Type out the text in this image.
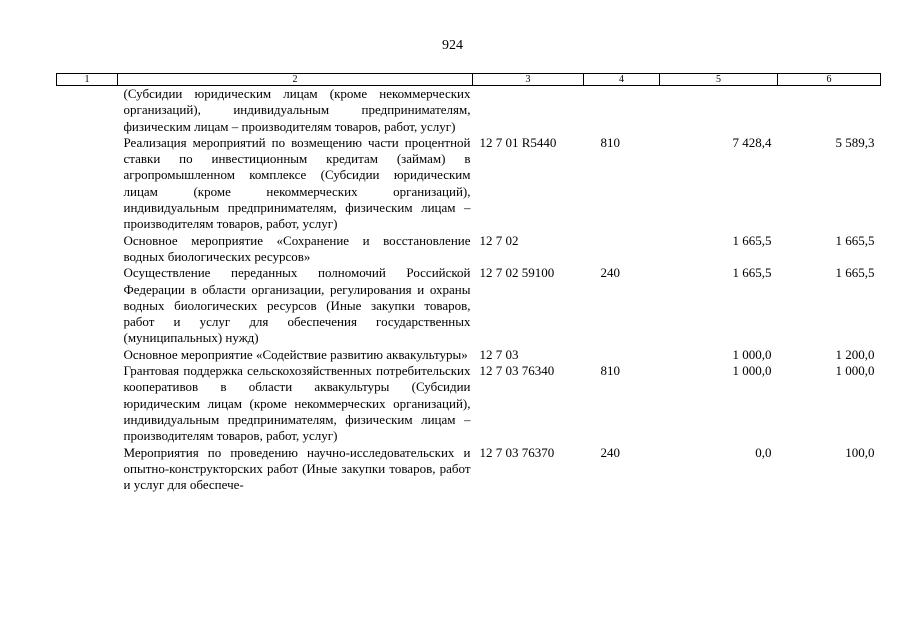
924
1	2	3	4	5	6
	(Субсидии юридическим лицам (кроме некоммерческих организаций), индивидуальным предпринимателям, физическим лицам – производителям товаров, работ, услуг)				
	Реализация мероприятий по возмещению части процентной ставки по инвестиционным кредитам (займам) в агропромышленном комплексе (Субсидии юридическим лицам (кроме некоммерческих организаций), индивидуальным предпринимателям, физическим лицам – производителям товаров, работ, услуг)	12 7 01 R5440	810	7 428,4	5 589,3
	Основное мероприятие «Сохранение и восстановление водных биологических ресурсов»	12 7 02		1 665,5	1 665,5
	Осуществление переданных полномочий Российской Федерации в области организации, регулирования и охраны водных биологических ресурсов (Иные закупки товаров, работ и услуг для обеспечения государственных (муниципальных) нужд)	12 7 02 59100	240	1 665,5	1 665,5
	Основное мероприятие «Содействие развитию аквакультуры»	12 7 03		1 000,0	1 200,0
	Грантовая поддержка сельскохозяйственных потребительских кооперативов в области аквакультуры (Субсидии юридическим лицам (кроме некоммерческих организаций), индивидуальным предпринимателям, физическим лицам – производителям товаров, работ, услуг)	12 7 03 76340	810	1 000,0	1 000,0
	Мероприятия по проведению научно-исследовательских и опытно-конструкторских работ (Иные закупки товаров, работ и услуг для обеспече-	12 7 03 76370	240	0,0	100,0
